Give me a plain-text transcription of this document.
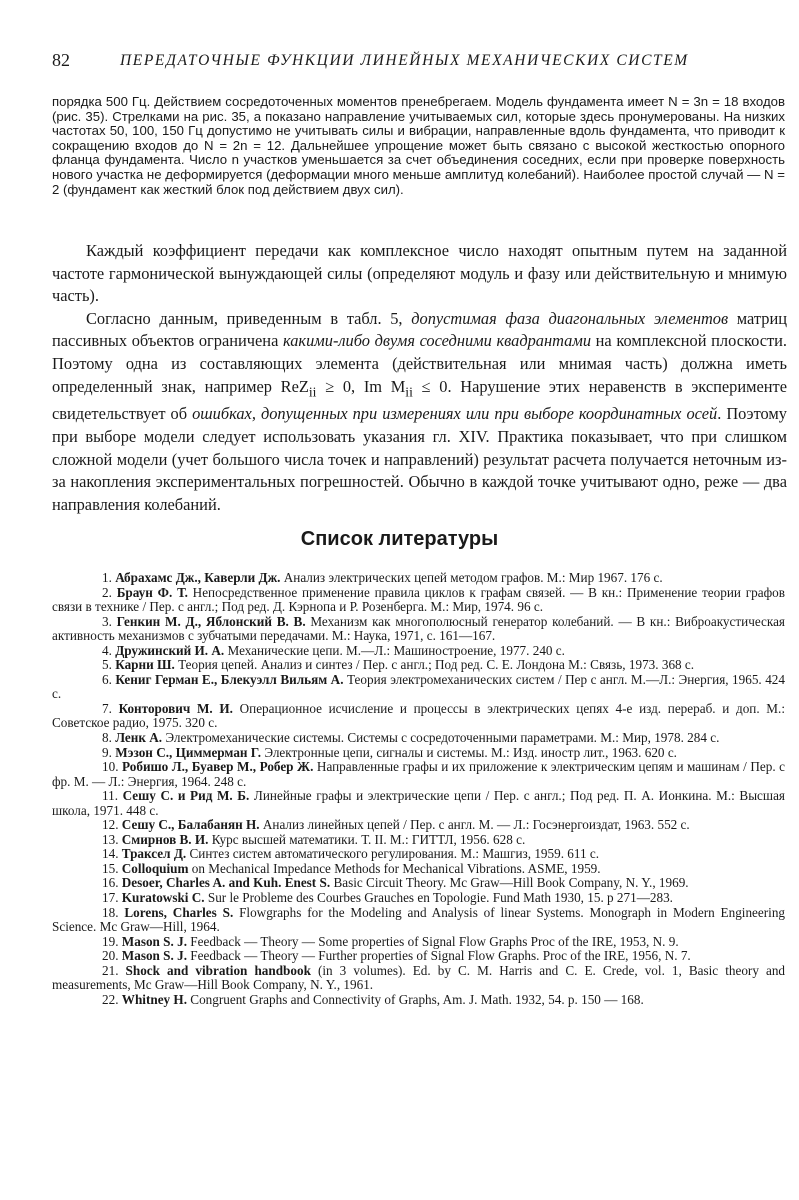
82	ПЕРЕДАТОЧНЫЕ ФУНКЦИИ ЛИНЕЙНЫХ МЕХАНИЧЕСКИХ СИСТЕМ
порядка 500 Гц. Действием сосредоточенных моментов пренебрегаем. Модель фундамента имеет N = 3n = 18 входов (рис. 35). Стрелками на рис. 35, a показано направление учитываемых сил, которые здесь пронумерованы. На низких частотах 50, 100, 150 Гц допустимо не учитывать силы и вибрации, направленные вдоль фундамента, что приводит к сокращению входов до N = 2n = 12. Дальнейшее упрощение может быть связано с высокой жесткостью опорного фланца фундамента. Число n участков уменьшается за счет объединения соседних, если при проверке поверхность нового участка не деформируется (деформации много меньше амплитуд колебаний). Наиболее простой случай — N = 2 (фундамент как жесткий блок под действием двух сил).

Каждый коэффициент передачи как комплексное число находят опытным путем на заданной частоте гармонической вынуждающей силы (определяют модуль и фазу или действительную и мнимую часть).

Согласно данным, приведенным в табл. 5, допустимая фаза диагональных элементов матриц пассивных объектов ограничена какими-либо двумя соседними квадрантами на комплексной плоскости. Поэтому одна из составляющих элемента (действительная или мнимая часть) должна иметь определенный знак, например ReZ$_{ii}$ ≥ 0, Im $M_{ii} \le 0$. Нарушение этих неравенств в эксперименте свидетельствует об ошибках, допущенных при измерениях или при выборе координатных осей. Поэтому при выборе модели следует использовать указания гл. XIV. Практика показывает, что при слишком сложной модели (учет большого числа точек и направлений) результат расчета получается неточным из-за накопления экспериментальных погрешностей. Обычно в каждой точке учитывают одно, реже — два направления колебаний.

Список литературы
1. Абрахамс Дж., Каверли Дж. Анализ электрических цепей методом графов. М.: Мир 1967. 176 с.
2. Браун Ф. Т. Непосредственное применение правила циклов к графам связей. — В кн.: Применение теории графов связи в технике / Пер. с англ.; Под ред. Д. Кэрнопа и Р. Розенберга. М.: Мир, 1974. 96 с.
3. Генкин М. Д., Яблонский В. В. Механизм как многополюсный генератор колебаний. — В кн.: Виброакустическая активность механизмов с зубчатыми передачами. М.: Наука, 1971, с. 161—167.
4. Дружинский И. А. Механические цепи. М.—Л.: Машиностроение, 1977. 240 с.
5. Карни Ш. Теория цепей. Анализ и синтез / Пер. с англ.; Под ред. С. Е. Лондона М.: Связь, 1973. 368 с.
6. Кениг Герман Е., Блекуэлл Вильям А. Теория электромеханических систем / Пер с англ. М.—Л.: Энергия, 1965. 424 с.
7. Конторович М. И. Операционное исчисление и процессы в электрических цепях 4-е изд. перераб. и доп. М.: Советское радио, 1975. 320 с.
8. Ленк А. Электромеханические системы. Системы с сосредоточенными параметрами. М.: Мир, 1978. 284 с.
9. Мэзон С., Циммерман Г. Электронные цепи, сигналы и системы. М.: Изд. иностр лит., 1963. 620 с.
10. Робишо Л., Буавер М., Робер Ж. Направленные графы и их приложение к электрическим цепям и машинам / Пер. с фр. М. — Л.: Энергия, 1964. 248 с.
11. Сешу С. и Рид М. Б. Линейные графы и электрические цепи / Пер. с англ.; Под ред. П. А. Ионкина. М.: Высшая школа, 1971. 448 с.
12. Сешу С., Балабанян Н. Анализ линейных цепей / Пер. с англ. М. — Л.: Госэнергоиздат, 1963. 552 с.
13. Смирнов В. И. Курс высшей математики. Т. II. М.: ГИТТЛ, 1956. 628 с.
14. Траксел Д. Синтез систем автоматического регулирования. М.: Машгиз, 1959. 611 с.
15. Colloquium on Mechanical Impedance Methods for Mechanical Vibrations. ASME, 1959.
16. Desoer, Charles A. and Kuh. Enest S. Basic Circuit Theory. Mc Graw—Hill Book Company, N. Y., 1969.
17. Kuratowski C. Sur le Probleme des Courbes Grauches en Topologie. Fund Math 1930, 15. p 271—283.
18. Lorens, Charles S. Flowgraphs for the Modeling and Analysis of linear Systems. Monograph in Modern Engineering Science. Mc Graw—Hill, 1964.
19. Mason S. J. Feedback — Theory — Some properties of Signal Flow Graphs Proc of the IRE, 1953, N. 9.
20. Mason S. J. Feedback — Theory — Further properties of Signal Flow Graphs. Proc of the IRE, 1956, N. 7.
21. Shock and vibration handbook (in 3 volumes). Ed. by C. M. Harris and C. E. Crede, vol. 1, Basic theory and measurements, Mc Graw—Hill Book Company, N. Y., 1961.
22. Whitney H. Congruent Graphs and Connectivity of Graphs, Am. J. Math. 1932, 54. p. 150 — 168.
